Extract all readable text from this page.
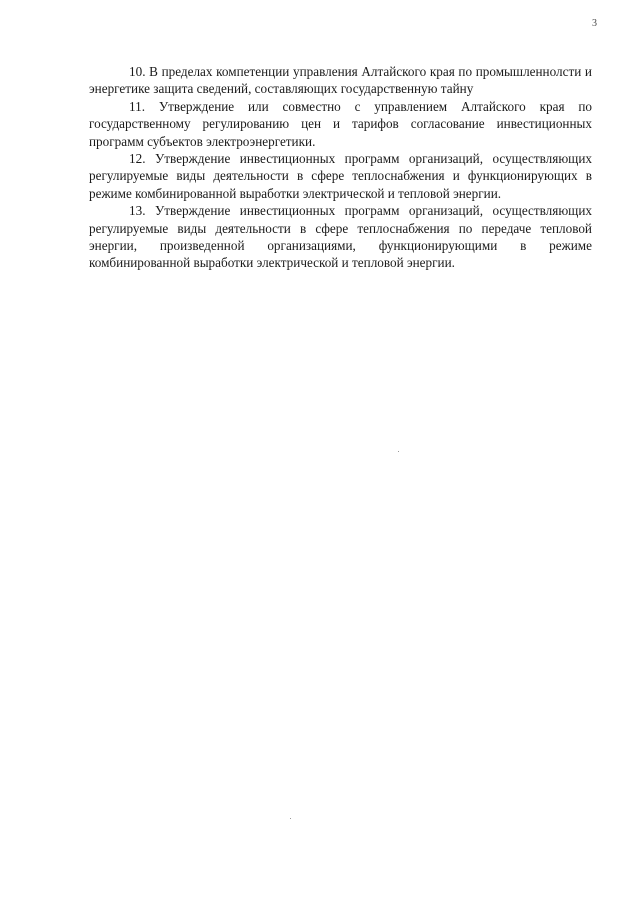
3

10. В пределах компетенции управления Алтайского края по промышленнолсти и энергетике защита сведений, составляющих государственную тайну

11. Утверждение или совместно с управлением Алтайского края по государственному регулированию цен и тарифов согласование инвестиционных программ субъектов электроэнергетики.

12. Утверждение инвестиционных программ организаций, осуществляющих регулируемые виды деятельности в сфере теплоснабжения и функционирующих в режиме комбинированной выработки электрической и тепловой энергии.

13. Утверждение инвестиционных программ организаций, осуществляющих регулируемые виды деятельности в сфере теплоснабжения по передаче тепловой энергии, произведенной организациями, функционирующими в режиме комбинированной выработки электрической и тепловой энергии.
